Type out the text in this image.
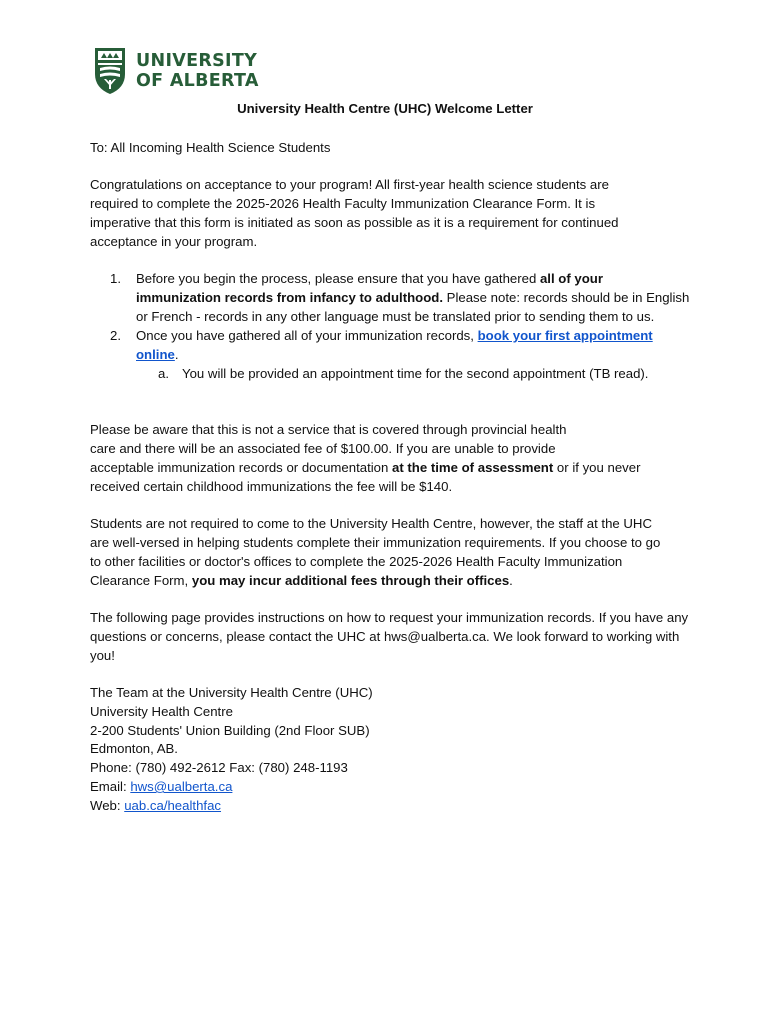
UNIVERSITY
OF ALBERTA
University Health Centre (UHC) Welcome Letter

To: All Incoming Health Science Students

Congratulations on acceptance to your program! All first-year health science students are required to complete the 2025-2026 Health Faculty Immunization Clearance Form. It is imperative that this form is initiated as soon as possible as it is a requirement for continued acceptance in your program.

1. Before you begin the process, please ensure that you have gathered all of your immunization records from infancy to adulthood. Please note: records should be in English or French - records in any other language must be translated prior to sending them to us.
2. Once you have gathered all of your immunization records, book your first appointment online.
a. You will be provided an appointment time for the second appointment (TB read).

Please be aware that this is not a service that is covered through provincial health

care and there will be an associated fee of $100.00. If you are unable to provide

acceptable immunization records or documentation at the time of assessment or if you never

received certain childhood immunizations the fee will be $140.

Students are not required to come to the University Health Centre, however, the staff at the UHC are well-versed in helping students complete their immunization requirements. If you choose to go to other facilities or doctor's offices to complete the 2025-2026 Health Faculty Immunization Clearance Form, you may incur additional fees through their offices.

The following page provides instructions on how to request your immunization records. If you have any questions or concerns, please contact the UHC at hws@ualberta.ca. We look forward to working with you!

The Team at the University Health Centre (UHC)

University Health Centre

2-200 Students' Union Building (2nd Floor SUB)

Edmonton, AB.

Phone: (780) 492-2612 Fax: (780) 248-1193

Email: hws@ualberta.ca

Web: uab.ca/healthfac
